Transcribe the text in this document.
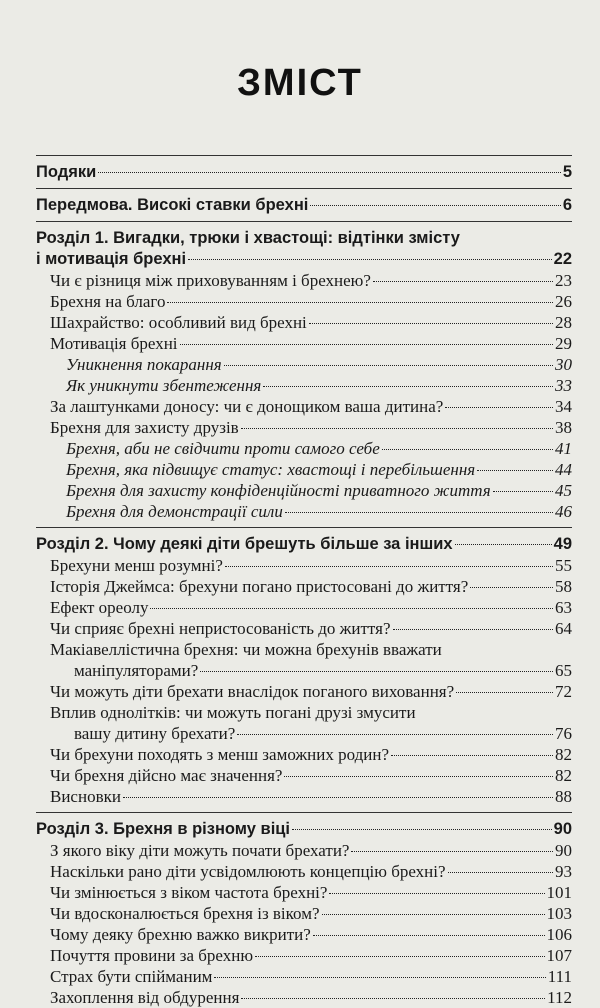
ЗМІСТ
Подяки	5
Передмова. Високі ставки брехні	6
Розділ 1. Вигадки, трюки і хвастощі: відтінки змісту
і мотивація брехні	22
Чи є різниця між приховуванням і брехнею?	23
Брехня на благо	26
Шахрайство: особливий вид брехні	28
Мотивація брехні	29
Уникнення покарання	30
Як уникнути збентеження	33
За лаштунками доносу: чи є донощиком ваша дитина?	34
Брехня для захисту друзів	38
Брехня, аби не свідчити проти самого себе	41
Брехня, яка підвищує статус: хвастощі і перебільшення	44
Брехня для захисту конфіденційності приватного життя	45
Брехня для демонстрації сили	46
Розділ 2. Чому деякі діти брешуть більше за інших	49
Брехуни менш розумні?	55
Історія Джеймса: брехуни погано пристосовані до життя?	58
Ефект ореолу	63
Чи сприяє брехні непристосованість до життя?	64
Макіавеллістична брехня: чи можна брехунів вважати
маніпуляторами?	65
Чи можуть діти брехати внаслідок поганого виховання?	72
Вплив однолітків: чи можуть погані друзі змусити
вашу дитину брехати?	76
Чи брехуни походять з менш заможних родин?	82
Чи брехня дійсно має значення?	82
Висновки	88
Розділ 3. Брехня в різному віці	90
З якого віку діти можуть почати брехати?	90
Наскільки рано діти усвідомлюють концепцію брехні?	93
Чи змінюється з віком частота брехні?	101
Чи вдосконалюється брехня із віком?	103
Чому деяку брехню важко викрити?	106
Почуття провини за брехню	107
Страх бути спійманим	111
Захоплення від обдурення	112
